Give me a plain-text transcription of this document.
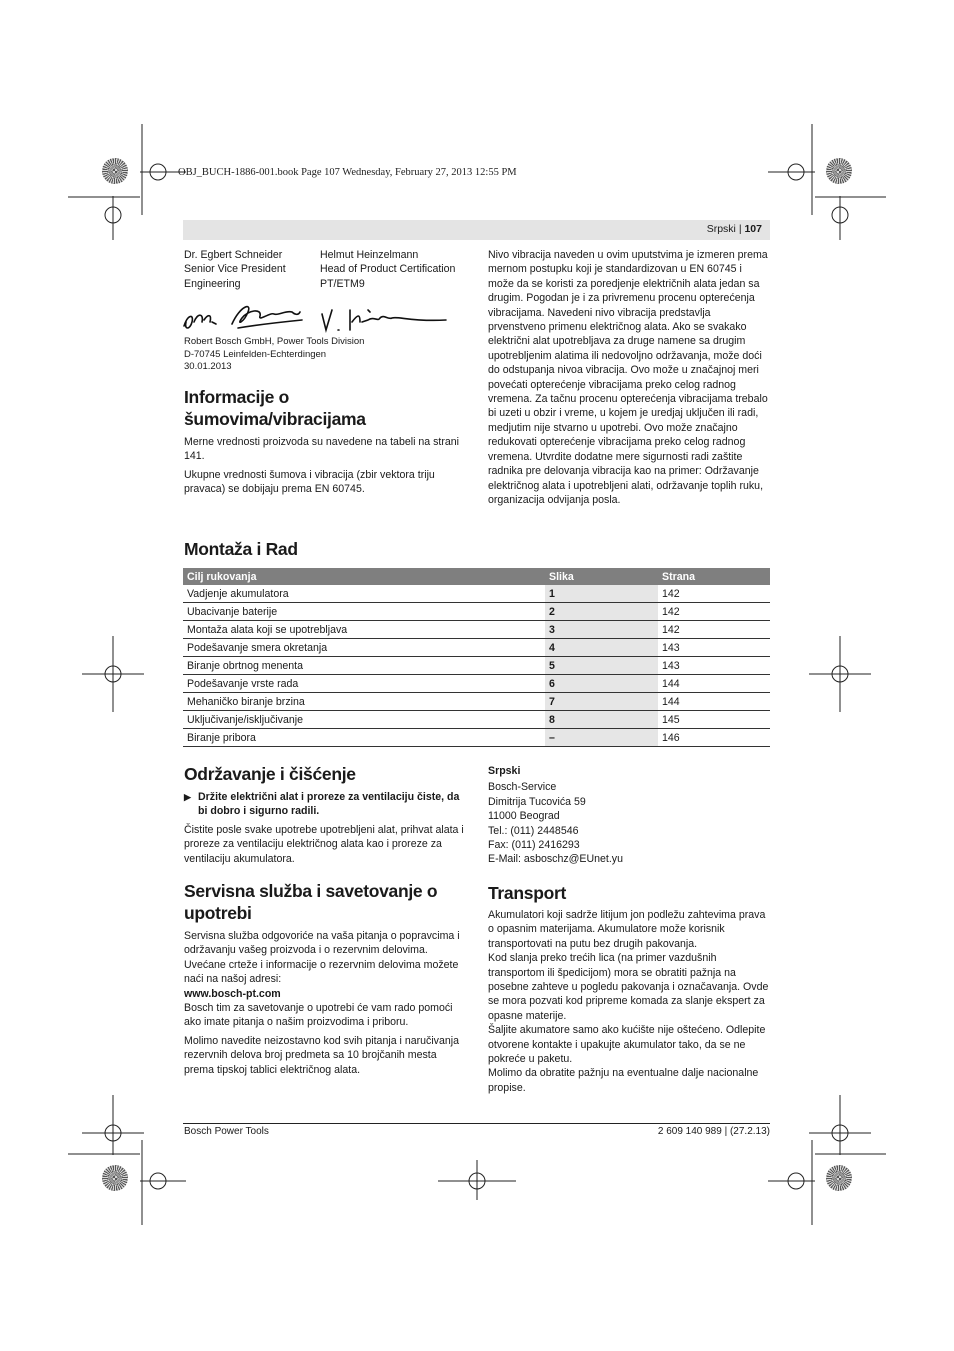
OBJ_BUCH-1886-001.book Page 107 Wednesday, February 27, 2013 12:55 PM
Srpski | 107
Dr. Egbert Schneider
Senior Vice President
Engineering
Helmut Heinzelmann
Head of Product Certification
PT/ETM9
Robert Bosch GmbH, Power Tools Division
D-70745 Leinfelden-Echterdingen
30.01.2013
Informacije o šumovima/vibracijama

Merne vrednosti proizvoda su navedene na tabeli na strani 141.

Ukupne vrednosti šumova i vibracija (zbir vektora triju pravaca) se dobijaju prema EN 60745.

Nivo vibracija naveden u ovim uputstvima je izmeren prema mernom postupku koji je standardizovan u EN 60745 i može da se koristi za poredjenje električnih alata jedan sa drugim. Pogodan je i za privremenu procenu opterećenja vibracijama. Navedeni nivo vibracija predstavlja prvenstveno primenu električnog alata. Ako se svakako električni alat upotrebljava za druge namene sa drugim upotrebljenim alatima ili nedovoljno održavanja, može doći do odstupanja nivoa vibracija. Ovo može u značajnoj meri povećati opterećenje vibracijama preko celog radnog vremena. Za tačnu procenu opterećenja vibracijama trebalo bi uzeti u obzir i vreme, u kojem je uredjaj uključen ili radi, medjutim nije stvarno u upotrebi. Ovo može značajno redukovati opterećenje vibracijama preko celog radnog vremena. Utvrdite dodatne mere sigurnosti radi zaštite radnika pre delovanja vibracija kao na primer: Održavanje električnog alata i upotrebljeni alati, održavanje toplih ruku, organizacija odvijanja posla.
Montaža i Rad
Cilj rukovanja	Slika	Strana
Vadjenje akumulatora	1	142
Ubacivanje baterije	2	142
Montaža alata koji se upotrebljava	3	142
Podešavanje smera okretanja	4	143
Biranje obrtnog menenta	5	143
Podešavanje vrste rada	6	144
Mehaničko biranje brzina	7	144
Uključivanje/isključivanje	8	145
Biranje pribora	–	146
Održavanje i čišćenje
▶ Držite električni alat i proreze za ventilaciju čiste, da bi dobro i sigurno radili.

Čistite posle svake upotrebe upotrebljeni alat, prihvat alata i proreze za ventilaciju električnog alata kao i proreze za ventilaciju akumulatora.

Servisna služba i savetovanje o upotrebi

Servisna služba odgovoriće na vaša pitanja o popravcima i održavanju vašeg proizvoda i o rezervnim delovima. Uvećane crteže i informacije o rezervnim delovima možete naći na našoj adresi:

www.bosch-pt.com

Bosch tim za savetovanje o upotrebi će vam rado pomoći ako imate pitanja o našim proizvodima i priboru.

Molimo navedite neizostavno kod svih pitanja i naručivanja rezervnih delova broj predmeta sa 10 brojčanih mesta prema tipskoj tablici električnog alata.

Srpski
Bosch-Service
Dimitrija Tucovića 59
11000 Beograd
Tel.: (011) 2448546
Fax: (011) 2416293
E-Mail: asboschz@EUnet.yu
Transport

Akumulatori koji sadrže litijum jon podležu zahtevima prava o opasnim materijama. Akumulatore može korisnik transportovati na putu bez drugih pakovanja.

Kod slanja preko trećih lica (na primer vazdušnih transportom ili špedicijom) mora se obratiti pažnja na posebne zahteve u pogledu pakovanja i označavanja. Ovde se mora pozvati kod pripreme komada za slanje ekspert za opasne materije.

Šaljite akumatore samo ako kućište nije oštećeno. Odlepite otvorene kontakte i upakujte akumulator tako, da se ne pokreće u paketu.

Molimo da obratite pažnju na eventualne dalje nacionalne propise.

Bosch Power Tools	2 609 140 989 | (27.2.13)
